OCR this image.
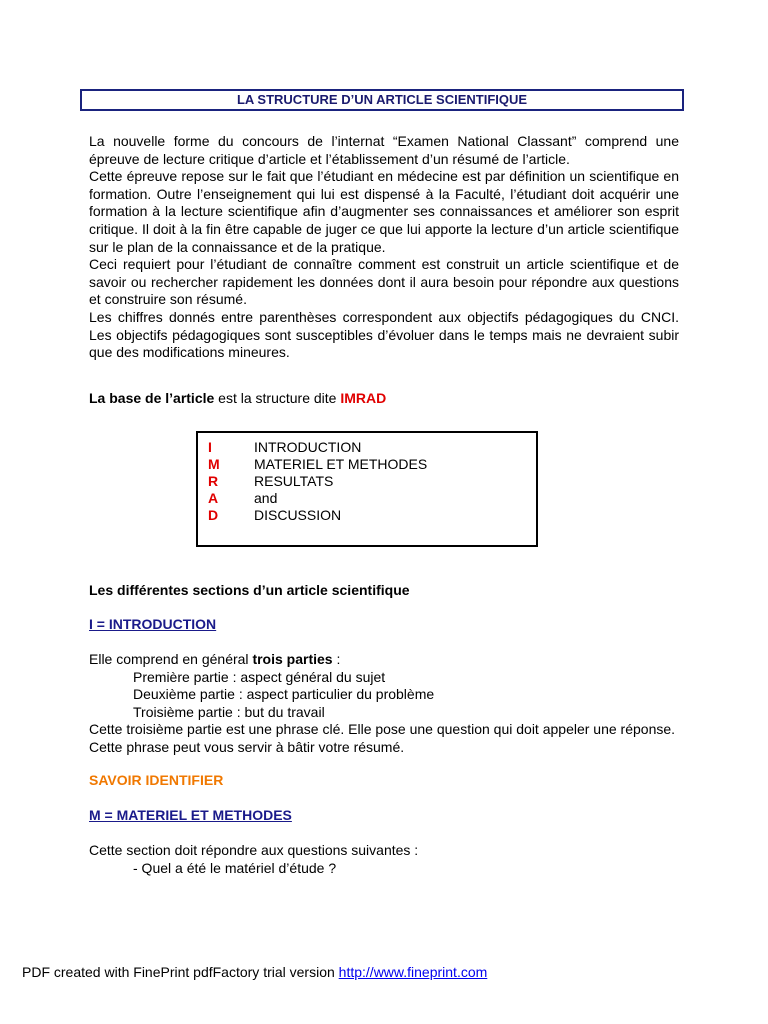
LA STRUCTURE D’UN ARTICLE SCIENTIFIQUE

La nouvelle forme du concours de l’internat “Examen National Classant” comprend une épreuve de lecture critique d’article et l’établissement d’un résumé de l’article.

Cette épreuve repose sur le fait que l’étudiant en médecine est par définition un scientifique en formation. Outre l’enseignement qui lui est dispensé à la Faculté, l’étudiant doit acquérir une formation à la lecture scientifique afin d’augmenter ses connaissances et améliorer son esprit critique. Il doit à la fin être capable de juger ce que lui apporte la lecture d’un article scientifique sur le plan de la connaissance et de la pratique.

Ceci requiert pour l’étudiant de connaître comment est construit un article scientifique et de savoir ou rechercher rapidement les données dont il aura besoin pour répondre aux questions et construire son résumé.

Les chiffres donnés entre parenthèses correspondent aux objectifs pédagogiques du CNCI. Les objectifs pédagogiques sont susceptibles d’évoluer dans le temps mais ne devraient subir que des modifications mineures.

La base de l’article est la structure dite IMRAD
I	INTRODUCTION
M MATERIEL ET METHODES
R	RESULTATS
A	and
D	DISCUSSION
Les différentes sections d’un article scientifique
I = INTRODUCTION
Elle comprend en général trois parties :
Première partie : aspect général du sujet
Deuxième partie : aspect particulier du problème
Troisième partie : but du travail
Cette troisième partie est une phrase clé. Elle pose une question qui doit appeler une réponse. Cette phrase peut vous servir à bâtir votre résumé.
SAVOIR IDENTIFIER
M = MATERIEL ET METHODES
Cette section doit répondre aux questions suivantes :
- Quel a été le matériel d’étude ?
PDF created with FinePrint pdfFactory trial version http://www.fineprint.com
